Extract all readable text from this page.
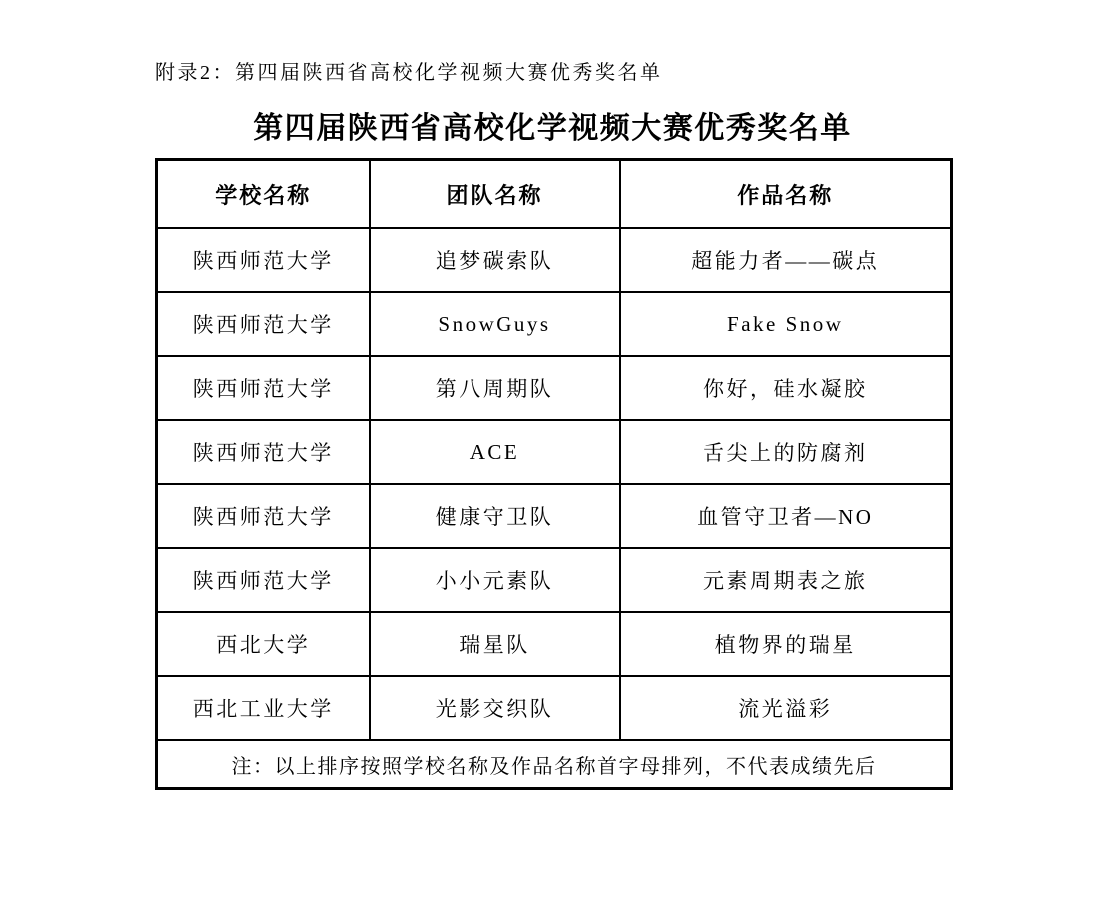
附录2：第四届陕西省高校化学视频大赛优秀奖名单
第四届陕西省高校化学视频大赛优秀奖名单
学校名称	团队名称	作品名称
陕西师范大学	追梦碳索队	超能力者——碳点
陕西师范大学	SnowGuys	Fake Snow
陕西师范大学	第八周期队	你好，硅水凝胶
陕西师范大学	ACE	舌尖上的防腐剂
陕西师范大学	健康守卫队	血管守卫者—NO
陕西师范大学	小小元素队	元素周期表之旅
西北大学	瑞星队	植物界的瑞星
西北工业大学	光影交织队	流光溢彩
注：以上排序按照学校名称及作品名称首字母排列，不代表成绩先后		
